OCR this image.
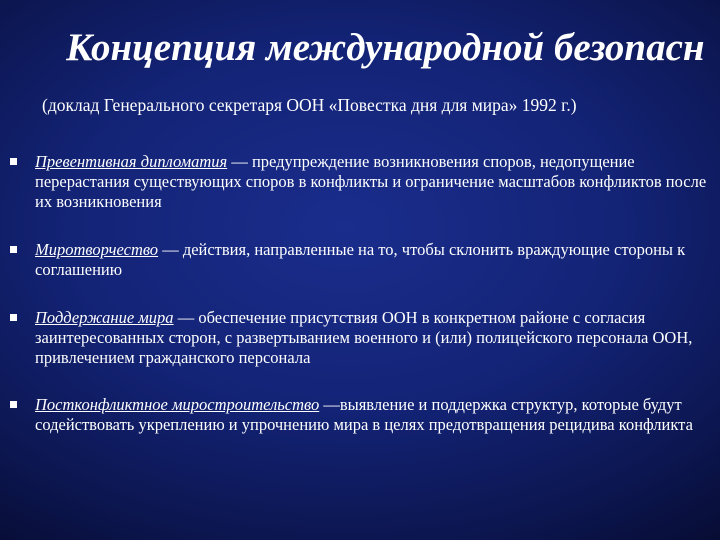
Концепция международной безопасн

(доклад Генерального секретаря ООН «Повестка дня для мира» 1992 г.)

Превентивная дипломатия — предупреждение возникновения споров, недопущение перерастания существующих споров в конфликты и ограничение масштабов конфликтов после их возникновения
Миротворчество — действия, направленные на то, чтобы склонить враждующие стороны к соглашению
Поддержание мира — обеспечение присутствия ООН в конкретном районе с согласия заинтересованных сторон, с развертыванием военного и (или) полицейского персонала ООН, привлечением гражданского персонала
Постконфликтное миростроительство —выявление и поддержка структур, которые будут содействовать укреплению и упрочнению мира в целях предотвращения рецидива конфликта
